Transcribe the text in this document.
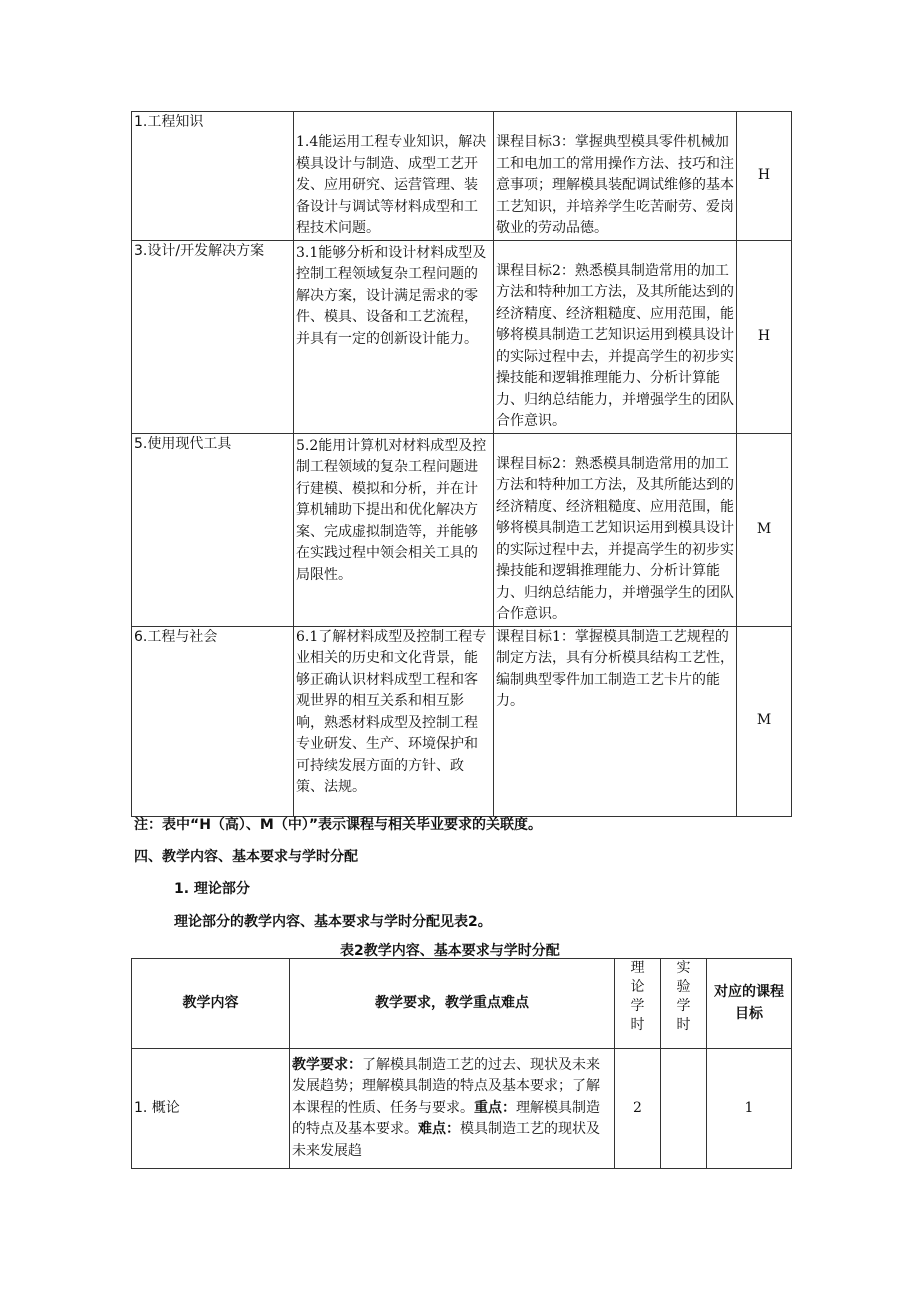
1.工程知识	1.4能运用工程专业知识，解决模具设计与制造、成型工艺开发、应用研究、运营管理、装备设计与调试等材料成型和工程技术问题。	课程目标3：掌握典型模具零件机械加工和电加工的常用操作方法、技巧和注意事项；理解模具装配调试维修的基本工艺知识，并培养学生吃苦耐劳、爱岗敬业的劳动品德。	H
3.设计/开发解决方案	3.1能够分析和设计材料成型及控制工程领域复杂工程问题的解决方案，设计满足需求的零件、模具、设备和工艺流程，并具有一定的创新设计能力。	课程目标2：熟悉模具制造常用的加工方法和特种加工方法，及其所能达到的经济精度、经济粗糙度、应用范围，能够将模具制造工艺知识运用到模具设计的实际过程中去，并提高学生的初步实操技能和逻辑推理能力、分析计算能力、归纳总结能力，并增强学生的团队合作意识。	H
5.使用现代工具	5.2能用计算机对材料成型及控制工程领域的复杂工程问题进行建模、模拟和分析，并在计算机辅助下提出和优化解决方案、完成虚拟制造等，并能够在实践过程中领会相关工具的局限性。	课程目标2：熟悉模具制造常用的加工方法和特种加工方法，及其所能达到的经济精度、经济粗糙度、应用范围，能够将模具制造工艺知识运用到模具设计的实际过程中去，并提高学生的初步实操技能和逻辑推理能力、分析计算能力、归纳总结能力，并增强学生的团队合作意识。	M
6.工程与社会	6.1了解材料成型及控制工程专业相关的历史和文化背景，能够正确认识材料成型工程和客观世界的相互关系和相互影响，熟悉材料成型及控制工程专业研发、生产、环境保护和可持续发展方面的方针、政策、法规。	课程目标1：掌握模具制造工艺规程的制定方法，具有分析模具结构工艺性，编制典型零件加工制造工艺卡片的能力。	M
注：表中“H（高）、M（中）”表示课程与相关毕业要求的关联度。
四、教学内容、基本要求与学时分配
1. 理论部分
理论部分的教学内容、基本要求与学时分配见表2。
表2教学内容、基本要求与学时分配
教学内容	教学要求，教学重点难点	理论学时	实验学时	对应的课程目标
1. 概论	教学要求：了解模具制造工艺的过去、现状及未来发展趋势；理解模具制造的特点及基本要求；了解本课程的性质、任务与要求。重点：理解模具制造的特点及基本要求。难点：模具制造工艺的现状及未来发展趋	2		1
